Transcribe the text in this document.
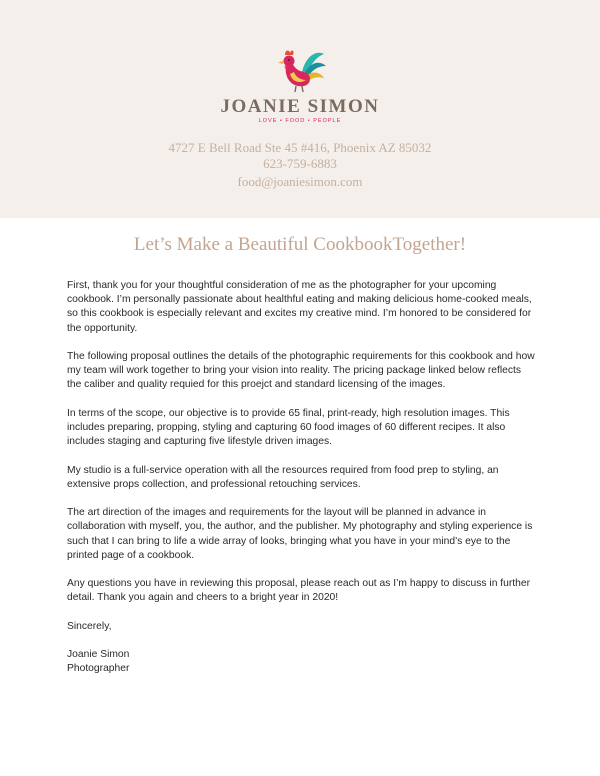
JOANIE SIMON
LOVE • FOOD • PEOPLE
4727 E Bell Road Ste 45 #416, Phoenix AZ 85032
623-759-6883
food@joaniesimon.com
Let’s Make a Beautiful CookbookTogether!

First, thank you for your thoughtful consideration of me as the photographer for your upcoming cookbook. I’m personally passionate about healthful eating and making delicious home-cooked meals, so this cookbook is especially relevant and excites my creative mind. I’m honored to be considered for the opportunity.

The following proposal outlines the details of the photographic requirements for this cookbook and how my team will work together to bring your vision into reality. The pricing package linked below reflects the caliber and quality requied for this proejct and standard licensing of the images.

In terms of the scope, our objective is to provide 65 final, print-ready, high resolution images. This includes preparing, propping, styling and capturing 60 food images of 60 different recipes. It also includes staging and capturing five lifestyle driven images.

My studio is a full-service operation with all the resources required from food prep to styling, an extensive props collection, and professional retouching services.

The art direction of the images and requirements for the layout will be planned in advance in collaboration with myself, you, the author, and the publisher. My photography and styling experience is such that I can bring to life a wide array of looks, bringing what you have in your mind’s eye to the printed page of a cookbook.

Any questions you have in reviewing this proposal, please reach out as I’m happy to discuss in further detail. Thank you again and cheers to a bright year in 2020!

Sincerely,
Joanie Simon
Photographer
